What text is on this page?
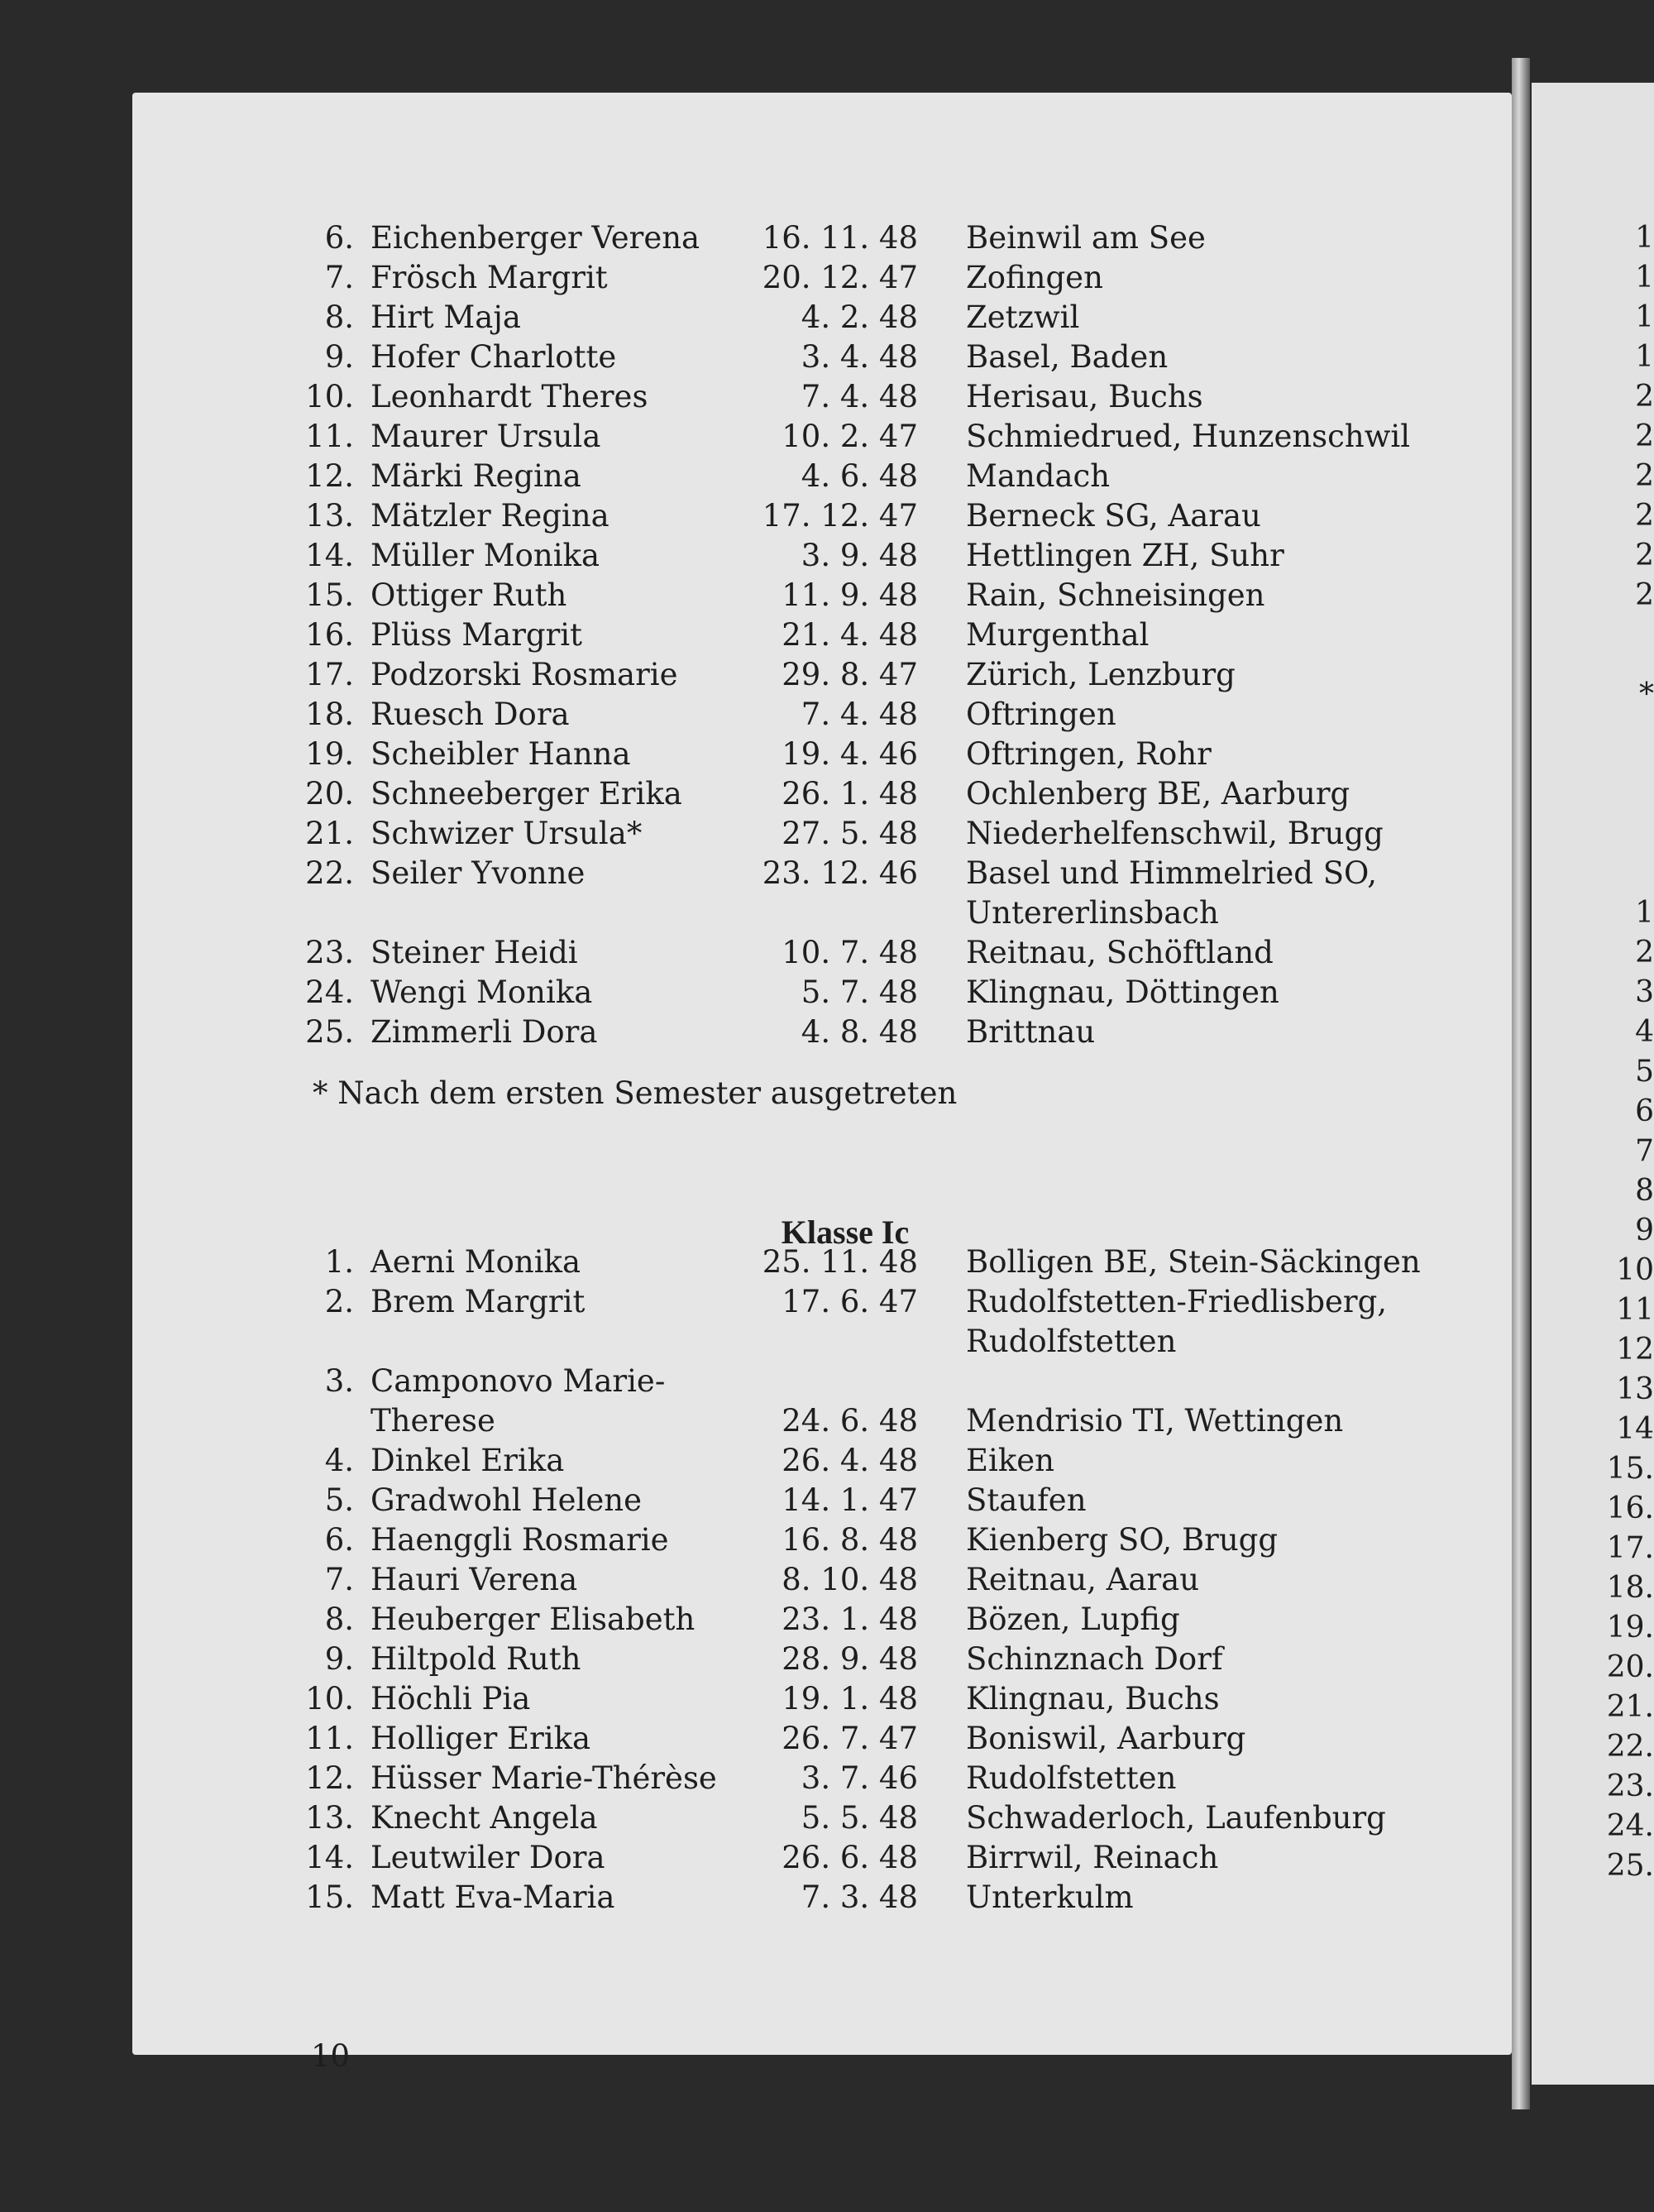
1
1
1
1
2
2
2
2
2
2
*
1
2
3
4
5
6
7
8
9
10
11
12
13
14
15.
16.
17.
18.
19.
20.
21.
22.
23.
24.
25.
6. Eichenberger Verena	16. 11. 48 Beinwil am See
7. Frösch Margrit	20. 12. 47 Zofingen
8. Hirt Maja	4. 2. 48 Zetzwil
9. Hofer Charlotte	3. 4. 48 Basel, Baden
10. Leonhardt Theres	7. 4. 48 Herisau, Buchs
11. Maurer Ursula	10. 2. 47 Schmiedrued, Hunzenschwil
12. Märki Regina	4. 6. 48 Mandach
13. Mätzler Regina	17. 12. 47 Berneck SG, Aarau
14. Müller Monika	3. 9. 48 Hettlingen ZH, Suhr
15. Ottiger Ruth	11. 9. 48 Rain, Schneisingen
16. Plüss Margrit	21. 4. 48 Murgenthal
17. Podzorski Rosmarie	29. 8. 47 Zürich, Lenzburg
18. Ruesch Dora	7. 4. 48 Oftringen
19. Scheibler Hanna	19. 4. 46 Oftringen, Rohr
20. Schneeberger Erika	26. 1. 48 Ochlenberg BE, Aarburg
21. Schwizer Ursula*	27. 5. 48 Niederhelfenschwil, Brugg
22. Seiler Yvonne	23. 12. 46 Basel und Himmelried SO,
Untererlinsbach
23. Steiner Heidi	10. 7. 48 Reitnau, Schöftland
24. Wengi Monika	5. 7. 48 Klingnau, Döttingen
25. Zimmerli Dora	4. 8. 48 Brittnau
* Nach dem ersten Semester ausgetreten
Klasse Ic
1. Aerni Monika	25. 11. 48 Bolligen BE, Stein-Säckingen
2. Brem Margrit	17. 6. 47 Rudolfstetten-Friedlisberg,
Rudolfstetten
3. Camponovo Marie-
Therese	24. 6. 48 Mendrisio TI, Wettingen
4. Dinkel Erika	26. 4. 48 Eiken
5. Gradwohl Helene	14. 1. 47 Staufen
6. Haenggli Rosmarie	16. 8. 48 Kienberg SO, Brugg
7. Hauri Verena	8. 10. 48 Reitnau, Aarau
8. Heuberger Elisabeth	23. 1. 48 Bözen, Lupfig
9. Hiltpold Ruth	28. 9. 48 Schinznach Dorf
10. Höchli Pia	19. 1. 48 Klingnau, Buchs
11. Holliger Erika	26. 7. 47 Boniswil, Aarburg
12. Hüsser Marie-Thérèse	3. 7. 46 Rudolfstetten
13. Knecht Angela	5. 5. 48 Schwaderloch, Laufenburg
14. Leutwiler Dora	26. 6. 48 Birrwil, Reinach
15. Matt Eva-Maria	7. 3. 48 Unterkulm
10
